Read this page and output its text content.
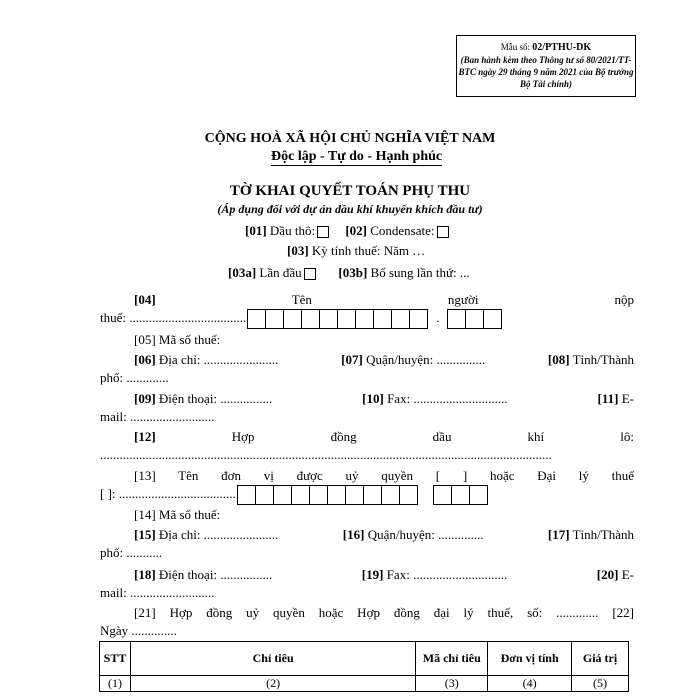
Mẫu số: 02/PTHU-DK
(Ban hành kèm theo Thông tư số 80/2021/TT-BTC ngày 29 tháng 9 năm 2021 của Bộ trưởng Bộ Tài chính)
CỘNG HOÀ XÃ HỘI CHỦ NGHĨA VIỆT NAM
Độc lập - Tự do - Hạnh phúc
TỜ KHAI QUYẾT TOÁN PHỤ THU
(Áp dụng đối với dự án dầu khí khuyến khích đầu tư)
[01] Dầu thô: [02] Condensate:
[03] Kỳ tính thuế: Năm …
[03a] Lần đầu	[03b] Bổ sung lần thứ: ...
[04]	Tên	người	nộp
thuế: ....................................	.
[05] Mã số thuế:
[06] Địa chỉ: .......................	[07] Quận/huyện: ...............	[08] Tỉnh/Thành
phố: .............
[09] Điện thoại: ................	[10] Fax: .............................	[11] E-
mail: ..........................
[12]	Hợp	đồng	dầu	khí	lô:
...........................................................................................................................................
[13] Tên đơn vị được uỷ quyền [ ] hoặc Đại lý thuế
[ ]: ....................................
[14] Mã số thuế:
[15] Địa chỉ: .......................	[16] Quận/huyện: ..............	[17] Tỉnh/Thành
phố: ...........
[18] Điện thoại: ................	[19] Fax: .............................	[20] E-
mail: ..........................
[21] Hợp đồng uỷ quyền hoặc Hợp đồng đại lý thuế, số: ............. [22]
Ngày ..............
STT	Chỉ tiêu	Mã chỉ tiêu	Đơn vị tính	Giá trị
(1)	(2)	(3)	(4)	(5)
